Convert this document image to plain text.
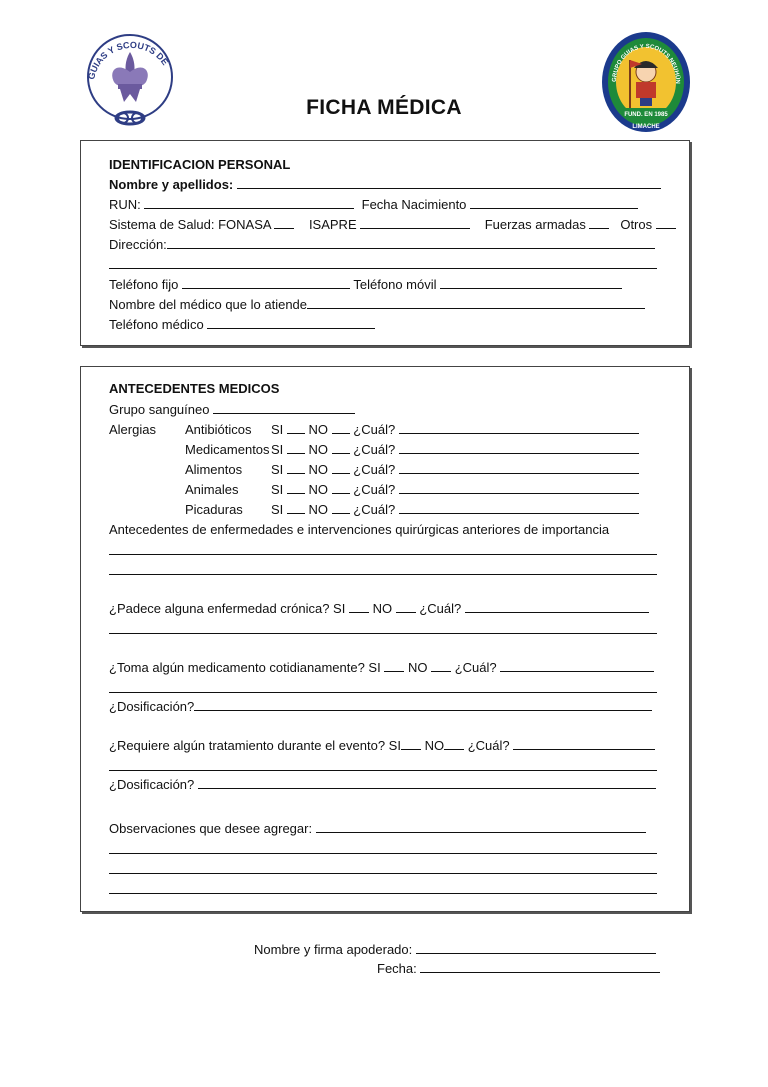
GUIAS Y SCOUTS DE
GRUPO GUIAS Y SCOUTS NEUHÜN
FUND. EN 1985
LIMACHE
FICHA MÉDICA
IDENTIFICACION PERSONAL
Nombre y apellidos:
RUN:	Fecha Nacimiento
Sistema de Salud: FONASA	ISAPRE	Fuerzas armadas	Otros
Dirección:
Teléfono fijo	Teléfono móvil
Nombre del médico que lo atiende
Teléfono médico
ANTECEDENTES MEDICOS
Grupo sanguíneo
Alergias Antibióticos SI NO ¿Cuál?
MedicamentosSI NO ¿Cuál?
Alimentos SI NO ¿Cuál?
Animales	SI NO ¿Cuál?
Picaduras SI NO ¿Cuál?
Antecedentes de enfermedades e intervenciones quirúrgicas anteriores de importancia
¿Padece alguna enfermedad crónica? SI NO ¿Cuál?
¿Toma algún medicamento cotidianamente? SI NO ¿Cuál?
¿Dosificación?
¿Requiere algún tratamiento durante el evento? SI NO ¿Cuál?
¿Dosificación?
Observaciones que desee agregar:
Nombre y firma apoderado:
Fecha:
